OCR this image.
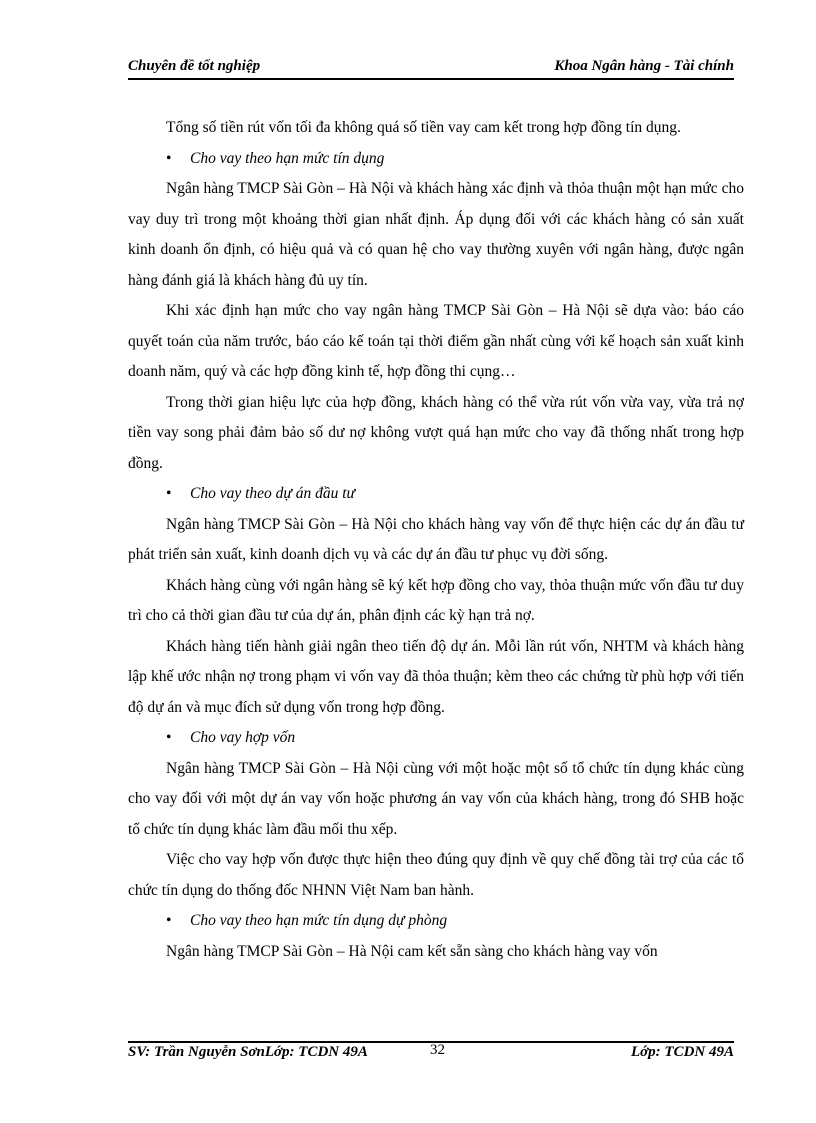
Chuyên đề tốt nghiệp	Khoa Ngân hàng - Tài chính

Tổng số tiền rút vốn tối đa không quá số tiền vay cam kết trong hợp đồng tín dụng.

• Cho vay theo hạn mức tín dụng

Ngân hàng TMCP Sài Gòn – Hà Nội và khách hàng xác định và thỏa thuận một hạn mức cho vay duy trì trong một khoảng thời gian nhất định. Áp dụng đối với các khách hàng có sản xuất kinh doanh ổn định, có hiệu quả và có quan hệ cho vay thường xuyên với ngân hàng, được ngân hàng đánh giá là khách hàng đủ uy tín.

Khi xác định hạn mức cho vay ngân hàng TMCP Sài Gòn – Hà Nội sẽ dựa vào: báo cáo quyết toán của năm trước, báo cáo kế toán tại thời điểm gần nhất cùng với kế hoạch sản xuất kinh doanh năm, quý và các hợp đồng kinh tế, hợp đồng thi cụng…

Trong thời gian hiệu lực của hợp đồng, khách hàng có thể vừa rút vốn vừa vay, vừa trả nợ tiền vay song phải đảm bảo số dư nợ không vượt quá hạn mức cho vay đã thống nhất trong hợp đồng.

• Cho vay theo dự án đầu tư

Ngân hàng TMCP Sài Gòn – Hà Nội cho khách hàng vay vốn để thực hiện các dự án đầu tư phát triển sản xuất, kinh doanh dịch vụ và các dự án đầu tư phục vụ đời sống.

Khách hàng cùng với ngân hàng sẽ ký kết hợp đồng cho vay, thỏa thuận mức vốn đầu tư duy trì cho cả thời gian đầu tư của dự án, phân định các kỳ hạn trả nợ.

Khách hàng tiến hành giải ngân theo tiến độ dự án. Mỗi lần rút vốn, NHTM và khách hàng lập khế ước nhận nợ trong phạm vi vốn vay đã thỏa thuận; kèm theo các chứng từ phù hợp với tiến độ dự án và mục đích sử dụng vốn trong hợp đồng.

• Cho vay hợp vốn

Ngân hàng TMCP Sài Gòn – Hà Nội cùng với một hoặc một số tổ chức tín dụng khác cùng cho vay đối với một dự án vay vốn hoặc phương án vay vốn của khách hàng, trong đó SHB hoặc tổ chức tín dụng khác làm đầu mối thu xếp.

Việc cho vay hợp vốn được thực hiện theo đúng quy định về quy chế đồng tài trợ của các tổ chức tín dụng do thống đốc NHNN Việt Nam ban hành.

• Cho vay theo hạn mức tín dụng dự phòng

Ngân hàng TMCP Sài Gòn – Hà Nội cam kết sẵn sàng cho khách hàng vay vốn

SV: Trần Nguyễn SơnLớp: TCDN 49A	32	Lớp: TCDN 49A
